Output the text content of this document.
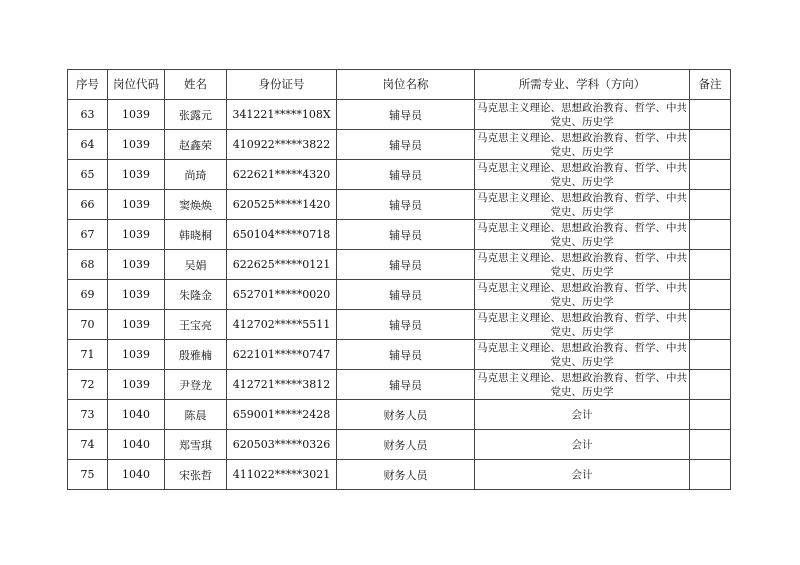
序号	岗位代码	姓名	身份证号	岗位名称	所需专业、学科（方向）	备注
63	1039	张露元	341221*****108X	辅导员	马克思主义理论、思想政治教育、哲学、中共党史、历史学	
64	1039	赵鑫荣	410922*****3822	辅导员	马克思主义理论、思想政治教育、哲学、中共党史、历史学	
65	1039	尚琦	622621*****4320	辅导员	马克思主义理论、思想政治教育、哲学、中共党史、历史学	
66	1039	窦焕焕	620525*****1420	辅导员	马克思主义理论、思想政治教育、哲学、中共党史、历史学	
67	1039	韩晓桐	650104*****0718	辅导员	马克思主义理论、思想政治教育、哲学、中共党史、历史学	
68	1039	吴娟	622625*****0121	辅导员	马克思主义理论、思想政治教育、哲学、中共党史、历史学	
69	1039	朱隆金	652701*****0020	辅导员	马克思主义理论、思想政治教育、哲学、中共党史、历史学	
70	1039	王宝亮	412702*****5511	辅导员	马克思主义理论、思想政治教育、哲学、中共党史、历史学	
71	1039	殷雅楠	622101*****0747	辅导员	马克思主义理论、思想政治教育、哲学、中共党史、历史学	
72	1039	尹登龙	412721*****3812	辅导员	马克思主义理论、思想政治教育、哲学、中共党史、历史学	
73	1040	陈晨	659001*****2428	财务人员	会计	
74	1040	郑雪琪	620503*****0326	财务人员	会计	
75	1040	宋张哲	411022*****3021	财务人员	会计	
